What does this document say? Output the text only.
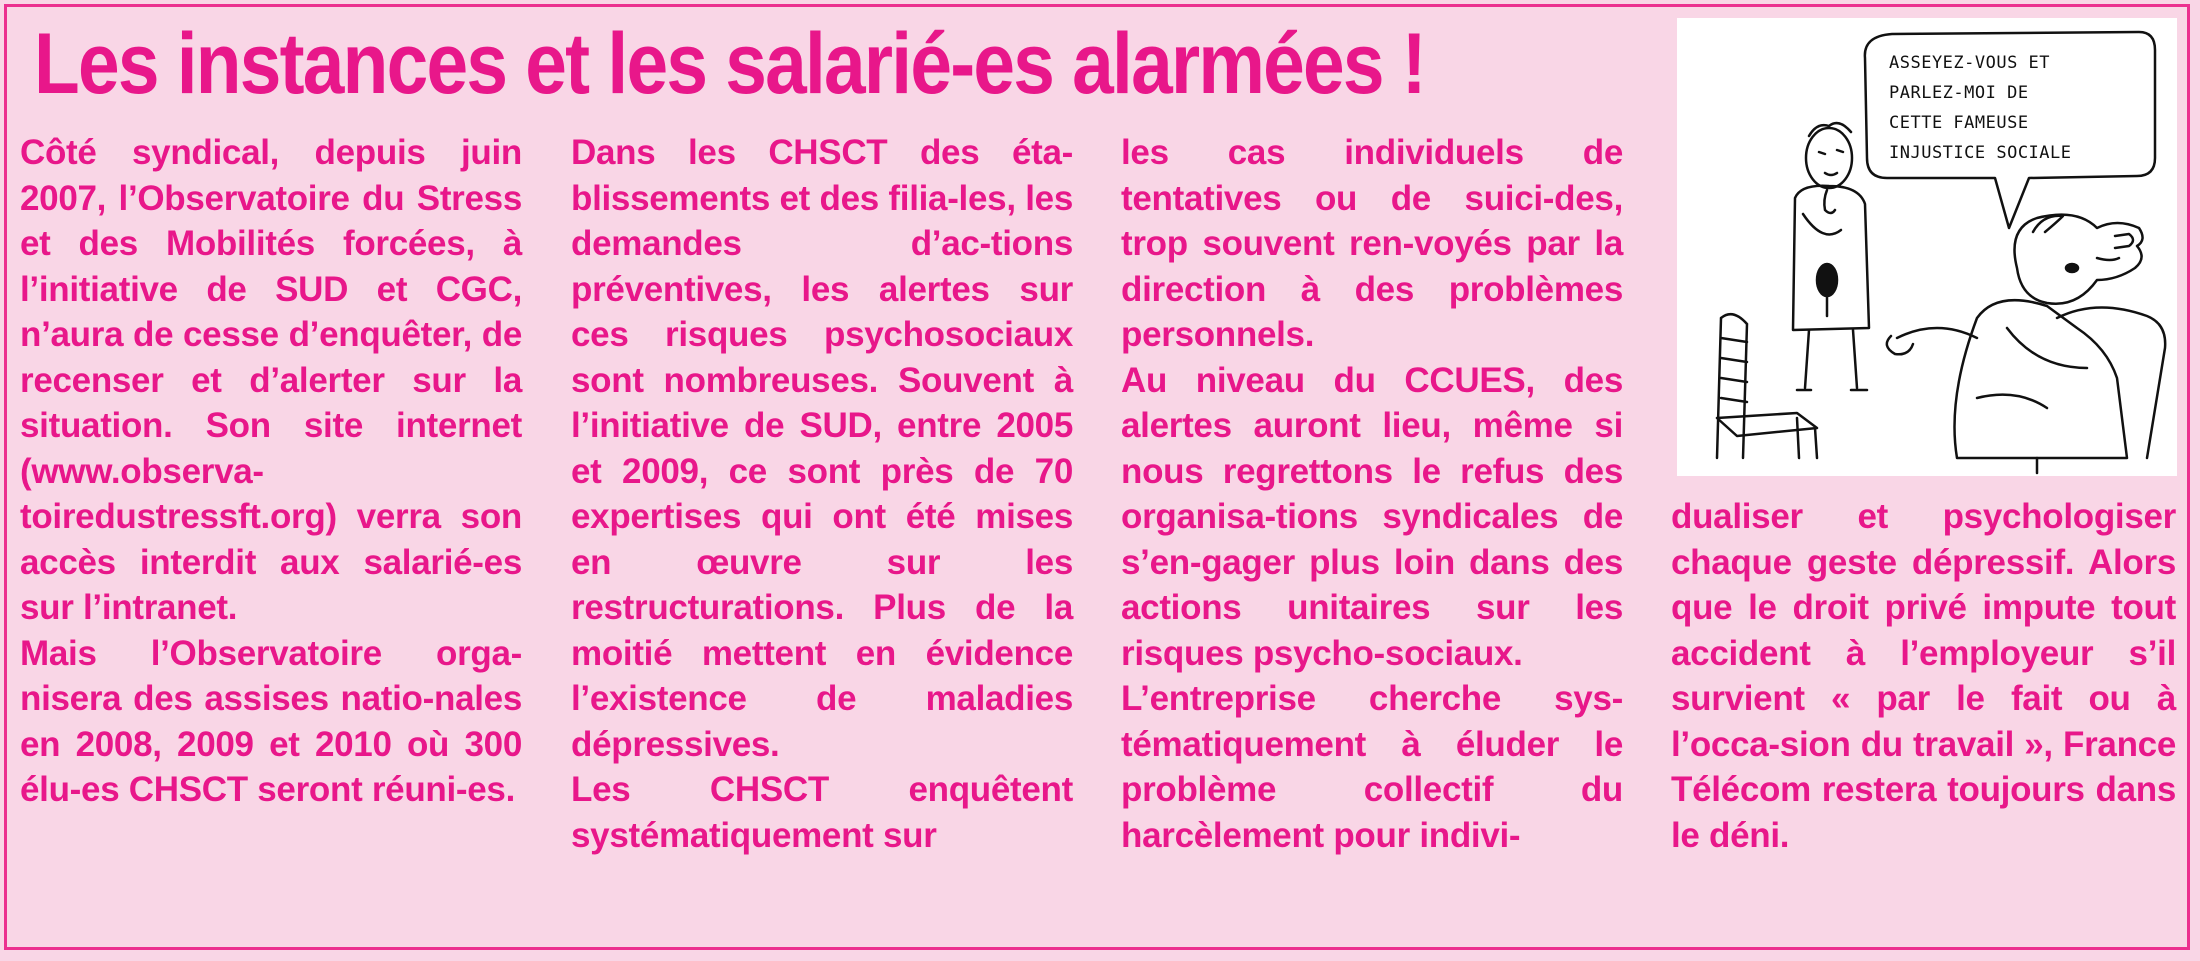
Les instances et les salarié-es alarmées !

Côté syndical, depuis juin 2007, l’Observatoire du Stress et des Mobilités forcées, à l’initiative de SUD et CGC, n’aura de cesse d’enquêter, de recenser et d’alerter sur la situation. Son site internet (www.observa-toiredustressft.org) verra son accès interdit aux salarié-es sur l’intranet.

Mais l’Observatoire orga-nisera des assises natio-nales en 2008, 2009 et 2010 où 300 élu-es CHSCT seront réuni-es.

Dans les CHSCT des éta-blissements et des filia-les, les demandes d’ac-tions préventives, les alertes sur ces risques psychosociaux sont nombreuses. Souvent à l’initiative de SUD, entre 2005 et 2009, ce sont près de 70 expertises qui ont été mises en œuvre sur les restructurations. Plus de la moitié mettent en évidence l’existence de maladies dépressives.

Les CHSCT enquêtent systématiquement sur

les cas individuels de tentatives ou de suici-des, trop souvent ren-voyés par la direction à des problèmes personnels.

Au niveau du CCUES, des alertes auront lieu, même si nous regrettons le refus des organisa-tions syndicales de s’en-gager plus loin dans des actions unitaires sur les risques psycho-sociaux.

L’entreprise cherche sys-tématiquement à éluder le problème collectif du harcèlement pour indivi-

dualiser et psychologiser chaque geste dépressif. Alors que le droit privé impute tout accident à l’employeur s’il survient « par le fait ou à l’occa-sion du travail », France Télécom restera toujours dans le déni.

ASSEYEZ-VOUS ET
PARLEZ-MOI DE
CETTE FAMEUSE
INJUSTICE SOCIALE
